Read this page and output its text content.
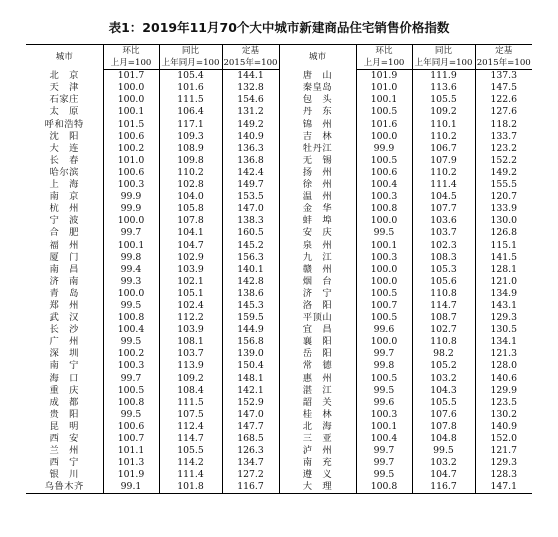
表1：2019年11月70个大中城市新建商品住宅销售价格指数
城市	环比	同比	定基	城市	环比	同比	定基
	上月=100	上年同月=100	2015年=100		上月=100	上年同月=100	2015年=100
北　京	101.7	105.4	144.1	唐　山	101.9	111.9	137.3
天　津	100.0	101.6	132.8	秦皇岛	101.0	113.6	147.5
石家庄	100.0	111.5	154.6	包　头	100.1	105.5	122.6
太　原	100.1	106.4	131.2	丹　东	100.5	109.2	127.6
呼和浩特	101.5	117.1	149.2	锦　州	101.6	110.1	118.2
沈　阳	100.6	109.3	140.9	吉　林	100.0	110.2	133.7
大　连	100.2	108.9	136.3	牡丹江	99.9	106.7	123.2
长　春	101.0	109.8	136.8	无　锡	100.5	107.9	152.2
哈尔滨	100.6	110.2	142.4	扬　州	100.6	110.2	149.2
上　海	100.3	102.8	149.7	徐　州	100.4	111.4	155.5
南　京	99.9	104.0	153.5	温　州	100.3	104.5	120.7
杭　州	99.9	105.8	147.0	金　华	100.8	107.7	133.9
宁　波	100.0	107.8	138.3	蚌　埠	100.0	103.6	130.0
合　肥	99.7	104.1	160.5	安　庆	99.5	103.7	126.8
福　州	100.1	104.7	145.2	泉　州	100.1	102.3	115.1
厦　门	99.8	102.9	156.3	九　江	100.3	108.3	141.5
南　昌	99.4	103.9	140.1	赣　州	100.0	105.3	128.1
济　南	99.3	102.1	142.8	烟　台	100.0	105.6	121.0
青　岛	100.0	105.1	138.6	济　宁	100.5	110.8	134.9
郑　州	99.5	102.4	145.3	洛　阳	100.7	114.7	143.1
武　汉	100.8	112.2	159.5	平顶山	100.5	108.7	129.3
长　沙	100.4	103.9	144.9	宜　昌	99.6	102.7	130.5
广　州	99.5	108.1	156.8	襄　阳	100.0	110.8	134.1
深　圳	100.2	103.7	139.0	岳　阳	99.7	98.2	121.3
南　宁	100.3	113.9	150.4	常　德	99.8	105.2	128.0
海　口	99.7	109.2	148.1	惠　州	100.5	103.2	140.6
重　庆	100.5	108.4	142.1	湛　江	99.5	104.3	129.9
成　都	100.8	111.5	152.9	韶　关	99.6	105.5	123.5
贵　阳	99.5	107.5	147.0	桂　林	100.3	107.6	130.2
昆　明	100.6	112.4	147.7	北　海	100.1	107.8	140.9
西　安	100.7	114.7	168.5	三　亚	100.4	104.8	152.0
兰　州	101.1	105.5	126.3	泸　州	99.7	99.5	121.7
西　宁	101.3	114.2	134.7	南　充	99.7	103.2	129.3
银　川	101.9	111.4	127.2	遵　义	99.5	104.7	128.3
乌鲁木齐	99.1	101.8	116.7	大　理	100.8	116.7	147.1
